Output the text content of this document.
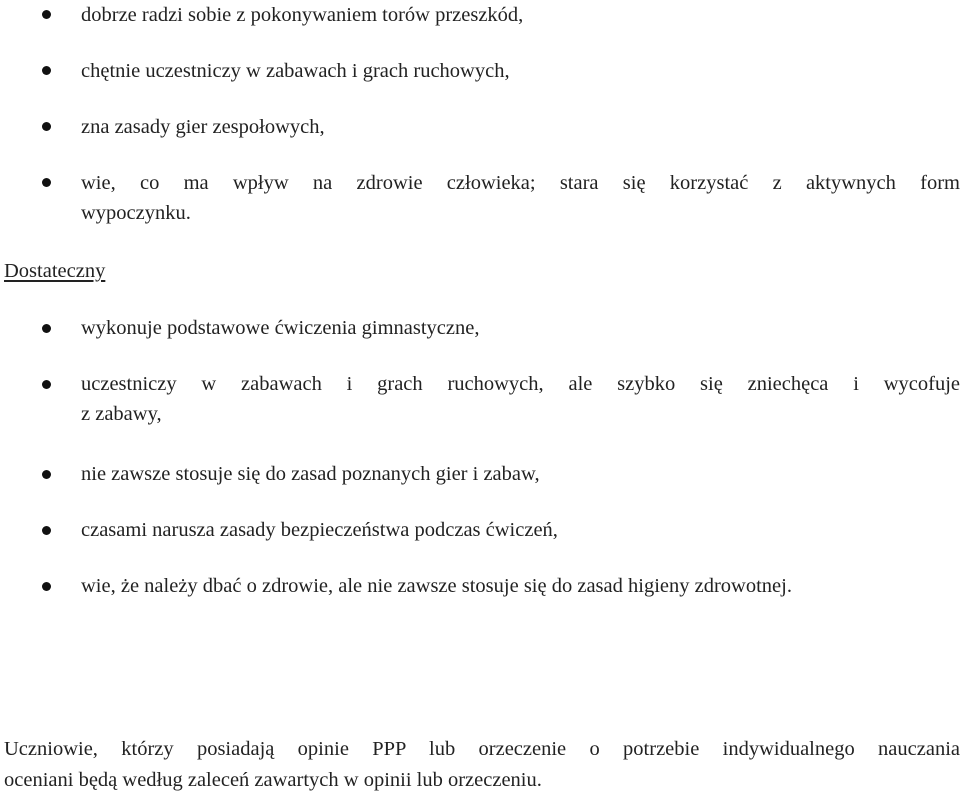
dobrze radzi sobie z pokonywaniem torów przeszkód,
chętnie uczestniczy w zabawach i grach ruchowych,
zna zasady gier zespołowych,
wie, co ma wpływ na zdrowie człowieka; stara się korzystać z aktywnych form
wypoczynku.
Dostateczny
wykonuje podstawowe ćwiczenia gimnastyczne,
uczestniczy w zabawach i grach ruchowych, ale szybko się zniechęca i wycofuje
z zabawy,
nie zawsze stosuje się do zasad poznanych gier i zabaw,
czasami narusza zasady bezpieczeństwa podczas ćwiczeń,
wie, że należy dbać o zdrowie, ale nie zawsze stosuje się do zasad higieny zdrowotnej.
Uczniowie, którzy posiadają opinie PPP lub orzeczenie o potrzebie indywidualnego nauczania
oceniani będą według zaleceń zawartych w opinii lub orzeczeniu.
